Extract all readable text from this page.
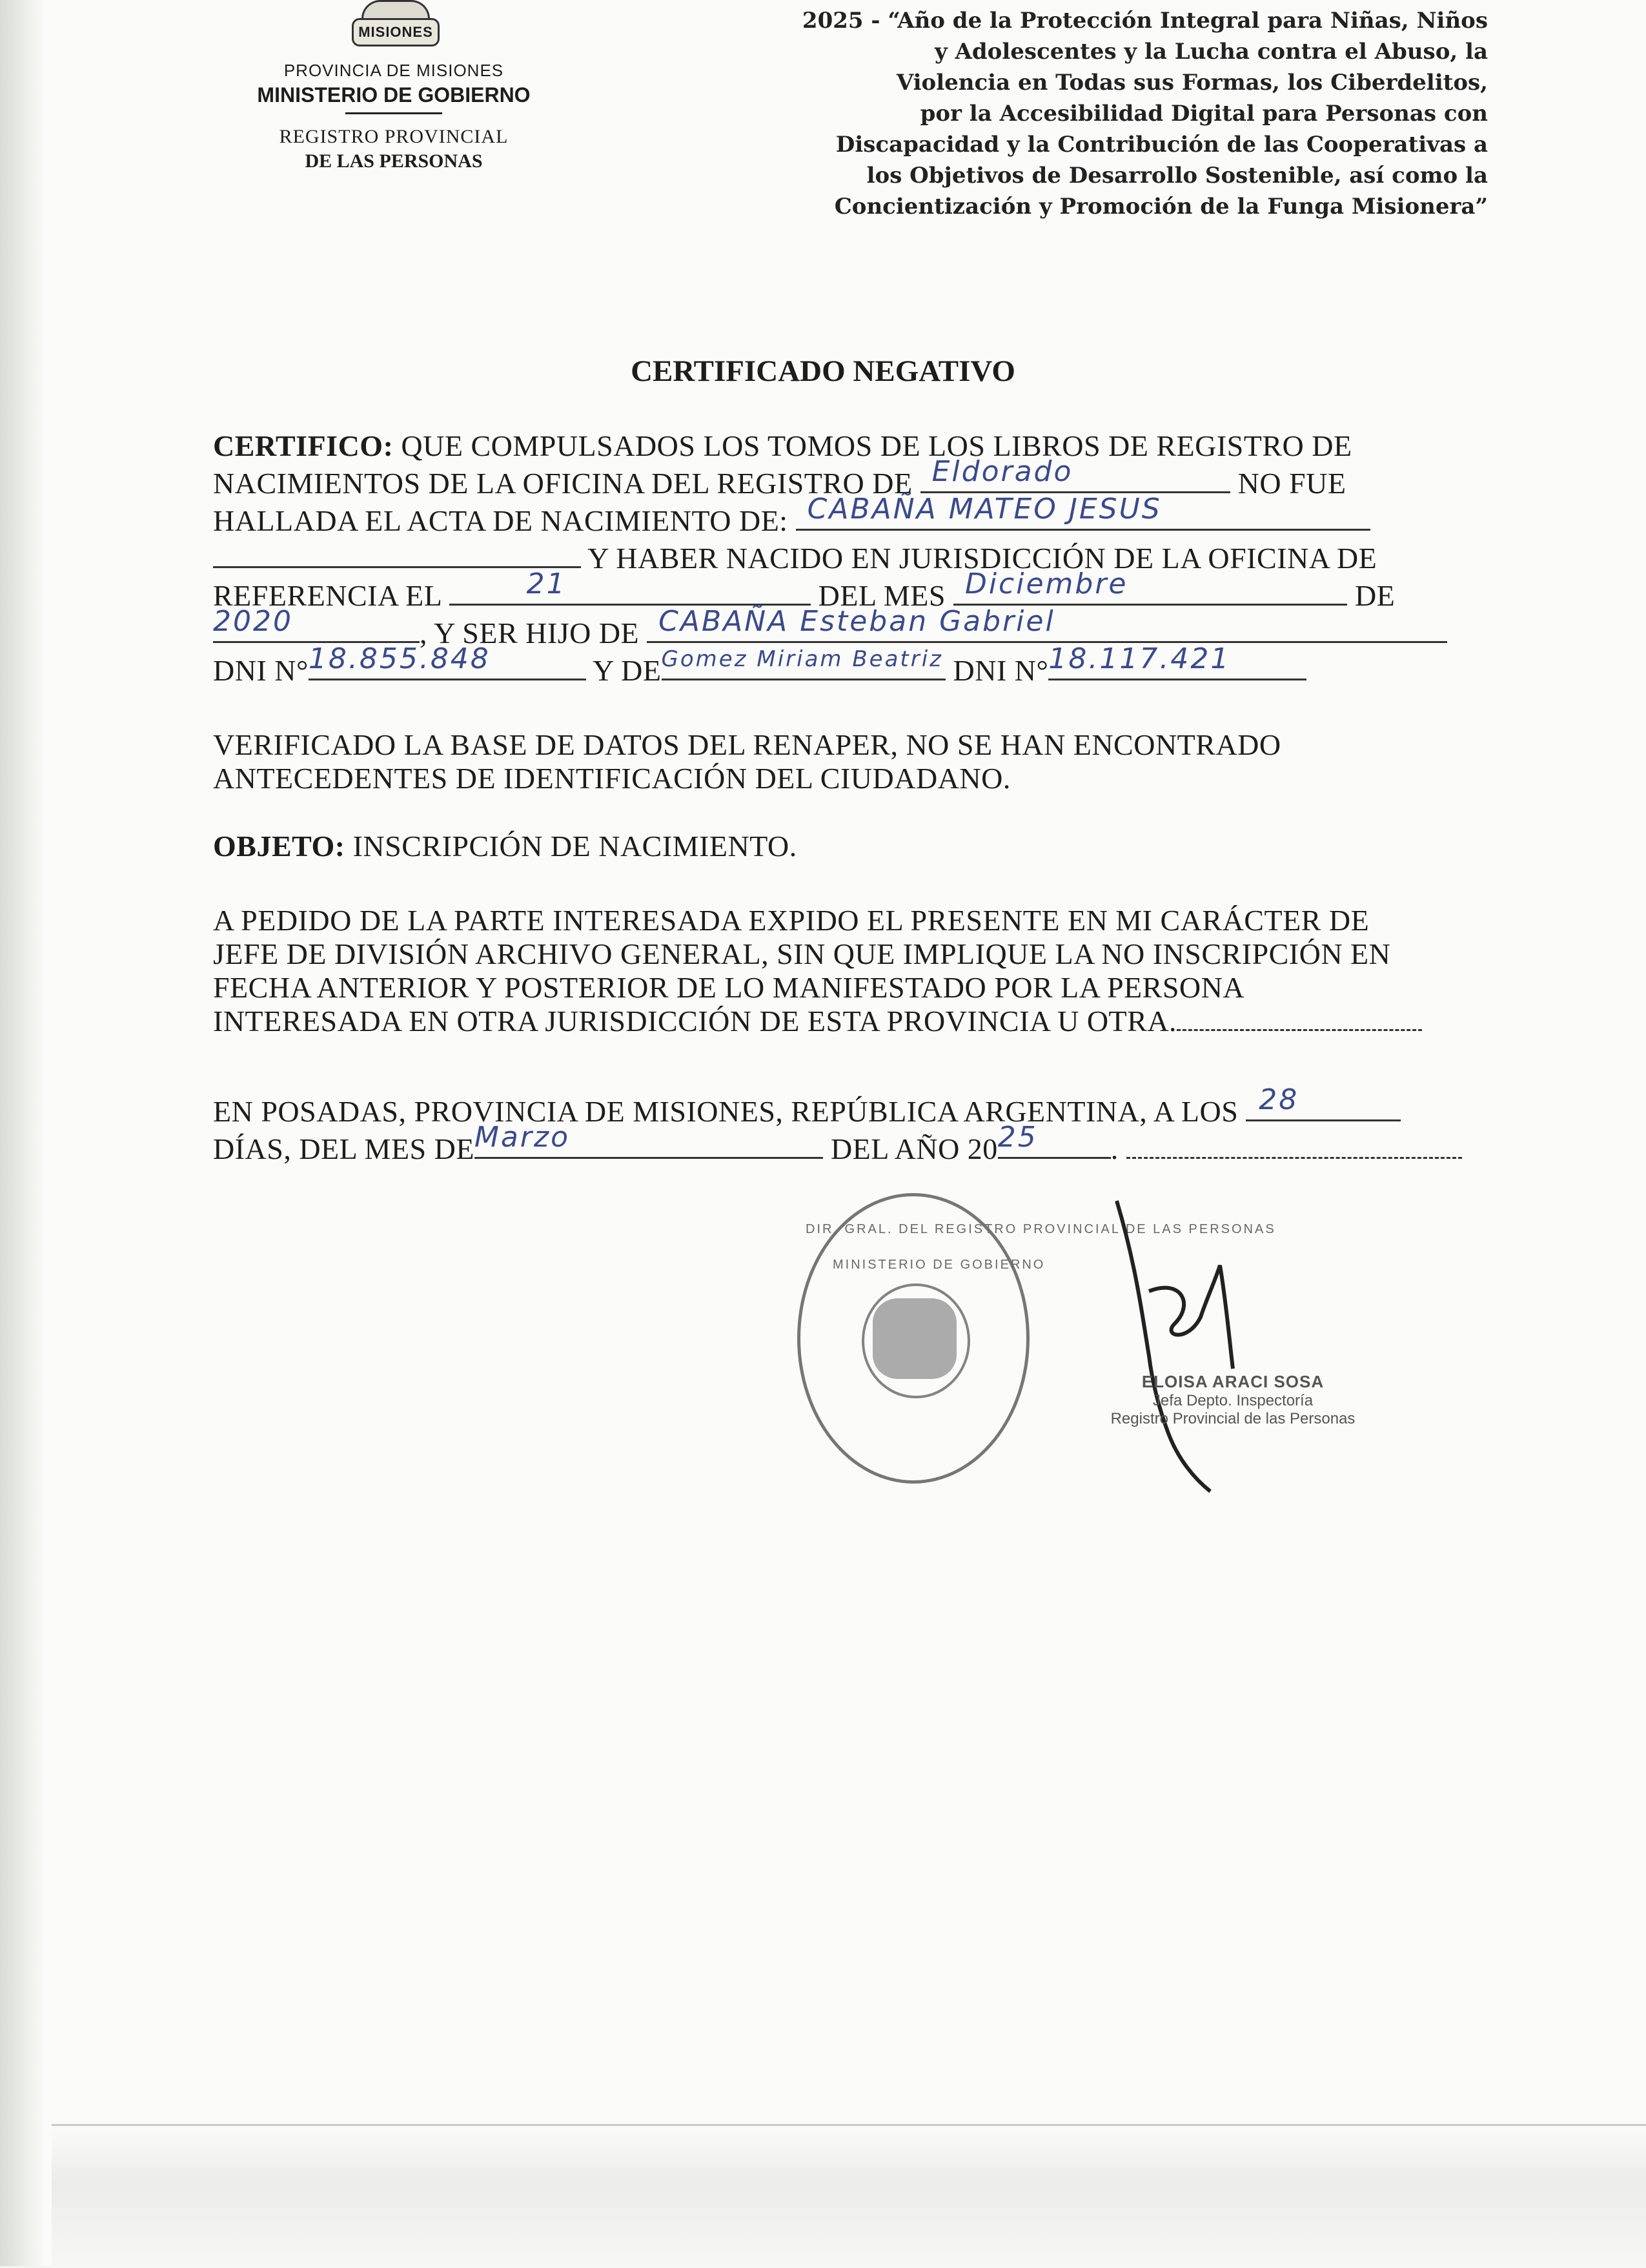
MISIONES
PROVINCIA DE MISIONES
MINISTERIO DE GOBIERNO
REGISTRO PROVINCIAL
DE LAS PERSONAS
2025 - “Año de la Protección Integral para Niñas, Niños
y Adolescentes y la Lucha contra el Abuso, la
Violencia en Todas sus Formas, los Ciberdelitos,
por la Accesibilidad Digital para Personas con
Discapacidad y la Contribución de las Cooperativas a
los Objetivos de Desarrollo Sostenible, así como la
Concientización y Promoción de la Funga Misionera”
CERTIFICADO NEGATIVO
CERTIFICO: QUE COMPULSADOS LOS TOMOS DE LOS LIBROS DE REGISTRO DE
NACIMIENTOS DE LA OFICINA DEL REGISTRO DE Eldorado	NO FUE
HALLADA EL ACTA DE NACIMIENTO DE: CABAÑA MATEO JESUS
Y HABER NACIDO EN JURISDICCIÓN DE LA OFICINA DE
REFERENCIA EL	21	DEL MES Diciembre	DE
2020	, Y SER HIJO DE CABAÑA Esteban Gabriel
DNI N° 18.855.848	Y DE Gomez Miriam Beatriz DNI N° 18.117.421
VERIFICADO LA BASE DE DATOS DEL RENAPER, NO SE HAN ENCONTRADO
ANTECEDENTES DE IDENTIFICACIÓN DEL CIUDADANO.
OBJETO: INSCRIPCIÓN DE NACIMIENTO.
A PEDIDO DE LA PARTE INTERESADA EXPIDO EL PRESENTE EN MI CARÁCTER DE
JEFE DE DIVISIÓN ARCHIVO GENERAL, SIN QUE IMPLIQUE LA NO INSCRIPCIÓN EN
FECHA ANTERIOR Y POSTERIOR DE LO MANIFESTADO POR LA PERSONA
INTERESADA EN OTRA JURISDICCIÓN DE ESTA PROVINCIA U OTRA.
EN POSADAS, PROVINCIA DE MISIONES, REPÚBLICA ARGENTINA, A LOS 28
DÍAS, DEL MES DE Marzo	DEL AÑO 20 25 .
DIR. GRAL. DEL REGISTRO PROVINCIAL DE LAS PERSONAS
MINISTERIO DE GOBIERNO
ELOISA ARACI SOSA
Jefa Depto. Inspectoría
Registro Provincial de las Personas
